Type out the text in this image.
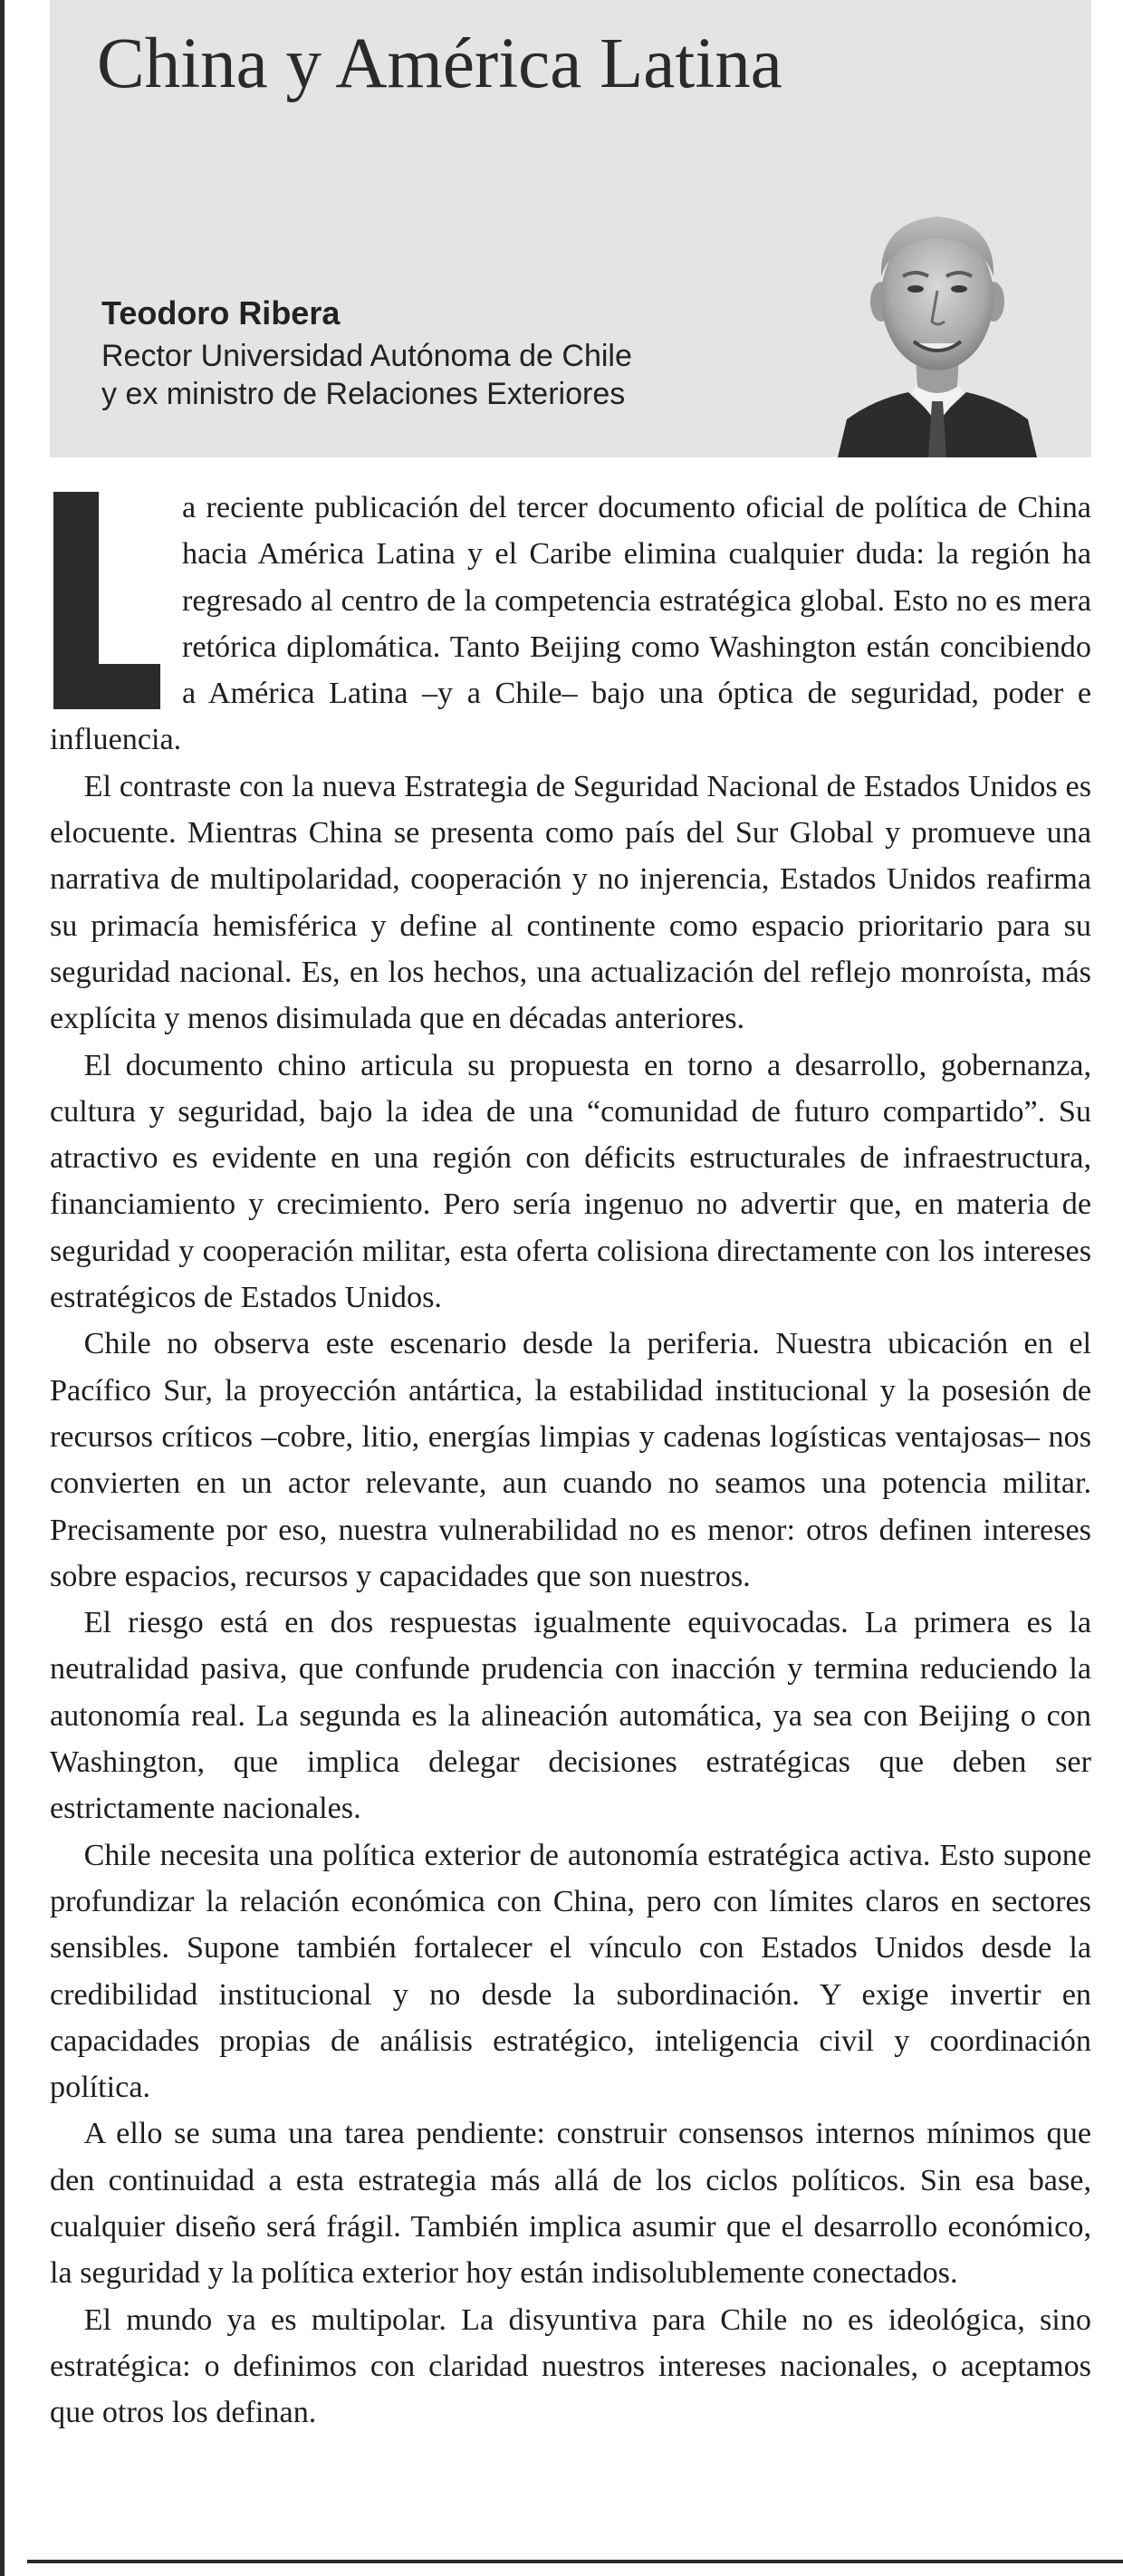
China y América Latina
Teodoro Ribera
Rector Universidad Autónoma de Chile
y ex ministro de Relaciones Exteriores

a reciente publicación del tercer documento oficial de política de China hacia América Latina y el Caribe elimina cualquier duda: la región ha regresado al centro de la competencia estratégica global. Esto no es mera retórica diplomática. Tanto Beijing como Washington están concibiendo a América Latina –y a Chile– bajo una óptica de seguridad, poder e influencia.

El contraste con la nueva Estrategia de Seguridad Nacional de Estados Unidos es elocuente. Mientras China se presenta como país del Sur Global y promueve una narrativa de multipolaridad, cooperación y no injerencia, Estados Unidos reafirma su primacía hemisférica y define al continente como espacio prioritario para su seguridad nacional. Es, en los hechos, una actualización del reflejo monroísta, más explícita y menos disimulada que en décadas anteriores.

El documento chino articula su propuesta en torno a desarrollo, gobernanza, cultura y seguridad, bajo la idea de una “comunidad de futuro compartido”. Su atractivo es evidente en una región con déficits estructurales de infraestructura, financiamiento y crecimiento. Pero sería ingenuo no advertir que, en materia de seguridad y cooperación militar, esta oferta colisiona directamente con los intereses estratégicos de Estados Unidos.

Chile no observa este escenario desde la periferia. Nuestra ubicación en el Pacífico Sur, la proyección antártica, la estabilidad institucional y la posesión de recursos críticos –cobre, litio, energías limpias y cadenas logísticas ventajosas– nos convierten en un actor relevante, aun cuando no seamos una potencia militar. Precisamente por eso, nuestra vulnerabilidad no es menor: otros definen intereses sobre espacios, recursos y capacidades que son nuestros.

El riesgo está en dos respuestas igualmente equivocadas. La primera es la neutralidad pasiva, que confunde prudencia con inacción y termina reduciendo la autonomía real. La segunda es la alineación automática, ya sea con Beijing o con Washington, que implica delegar decisiones estratégicas que deben ser estrictamente nacionales.

Chile necesita una política exterior de autonomía estratégica activa. Esto supone profundizar la relación económica con China, pero con límites claros en sectores sensibles. Supone también fortalecer el vínculo con Estados Unidos desde la credibilidad institucional y no desde la subordinación. Y exige invertir en capacidades propias de análisis estratégico, inteligencia civil y coordinación política.

A ello se suma una tarea pendiente: construir consensos internos mínimos que den continuidad a esta estrategia más allá de los ciclos políticos. Sin esa base, cualquier diseño será frágil. También implica asumir que el desarrollo económico, la seguridad y la política exterior hoy están indisolublemente conectados.

El mundo ya es multipolar. La disyuntiva para Chile no es ideológica, sino estratégica: o definimos con claridad nuestros intereses nacionales, o aceptamos que otros los definan.
